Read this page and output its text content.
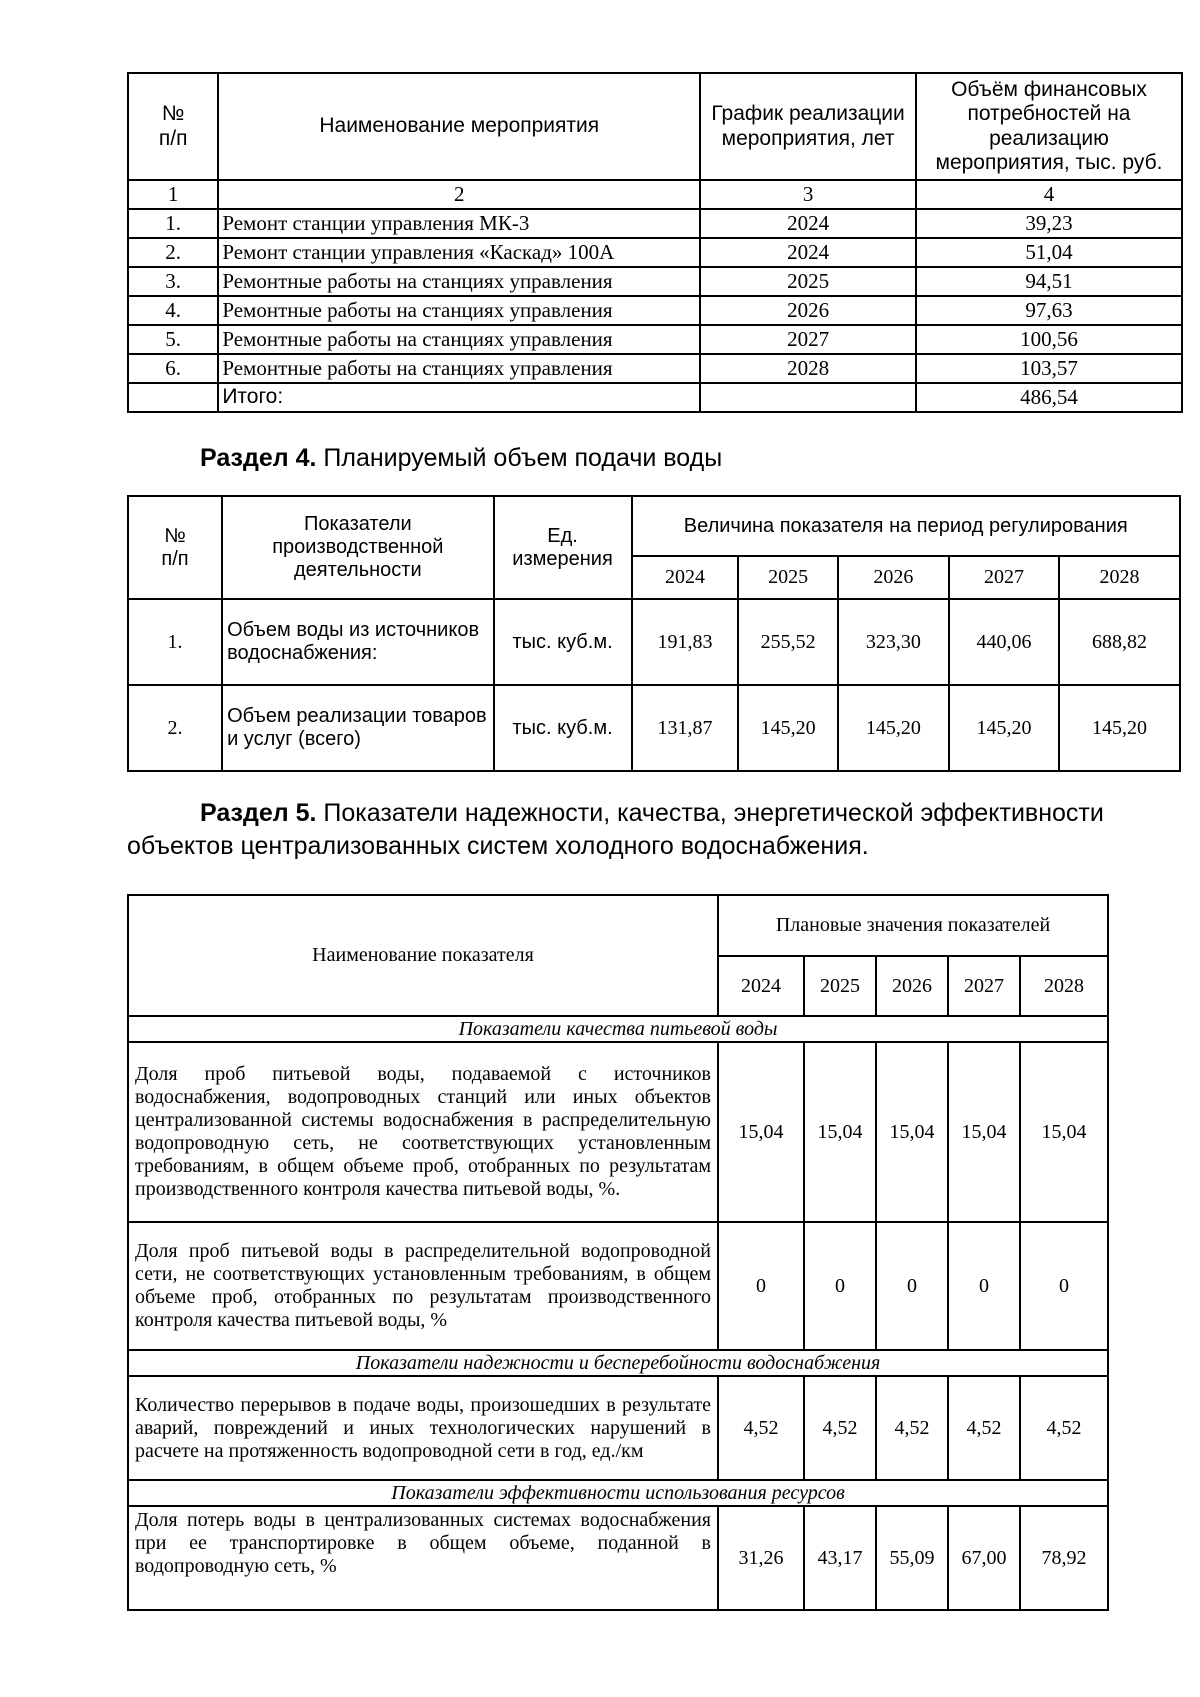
№
п/п	Наименование мероприятия	График реализации мероприятия, лет	Объём финансовых потребностей на реализацию мероприятия, тыс. руб.
1	2	3	4
1.	Ремонт станции управления МК-3	2024	39,23
2.	Ремонт станции управления «Каскад» 100А	2024	51,04
3.	Ремонтные работы на станциях управления	2025	94,51
4.	Ремонтные работы на станциях управления	2026	97,63
5.	Ремонтные работы на станциях управления	2027	100,56
6.	Ремонтные работы на станциях управления	2028	103,57
	Итого:		486,54
Раздел 4. Планируемый объем подачи воды
№
п/п	Показатели производственной деятельности	Ед. измерения	Величина показателя на период регулирования				
			2024	2025	2026	2027	2028
1.	Объем воды из источников водоснабжения:	тыс. куб.м.	191,83	255,52	323,30	440,06	688,82
2.	Объем реализации товаров и услуг (всего)	тыс. куб.м.	131,87	145,20	145,20	145,20	145,20
Раздел 5. Показатели надежности, качества, энергетической эффективности объектов централизованных систем холодного водоснабжения.
Наименование показателя	Плановые значения показателей				
	2024	2025	2026	2027	2028
Показатели качества питьевой воды					
Доля проб питьевой воды, подаваемой с источников водоснабжения, водопроводных станций или иных объектов централизованной системы водоснабжения в распределительную водопроводную сеть, не соответствующих установленным требованиям, в общем объеме проб, отобранных по результатам производственного контроля качества питьевой воды, %.	15,04	15,04	15,04	15,04	15,04
Доля проб питьевой воды в распределительной водопроводной сети, не соответствующих установленным требованиям, в общем объеме проб, отобранных по результатам производственного контроля качества питьевой воды, %	0	0	0	0	0
Показатели надежности и бесперебойности водоснабжения					
Количество перерывов в подаче воды, произошедших в результате аварий, повреждений и иных технологических нарушений в расчете на протяженность водопроводной сети в год, ед./км	4,52	4,52	4,52	4,52	4,52
Показатели эффективности использования ресурсов					
Доля потерь воды в централизованных системах водоснабжения при ее транспортировке в общем объеме, поданной в водопроводную сеть, %	31,26	43,17	55,09	67,00	78,92
